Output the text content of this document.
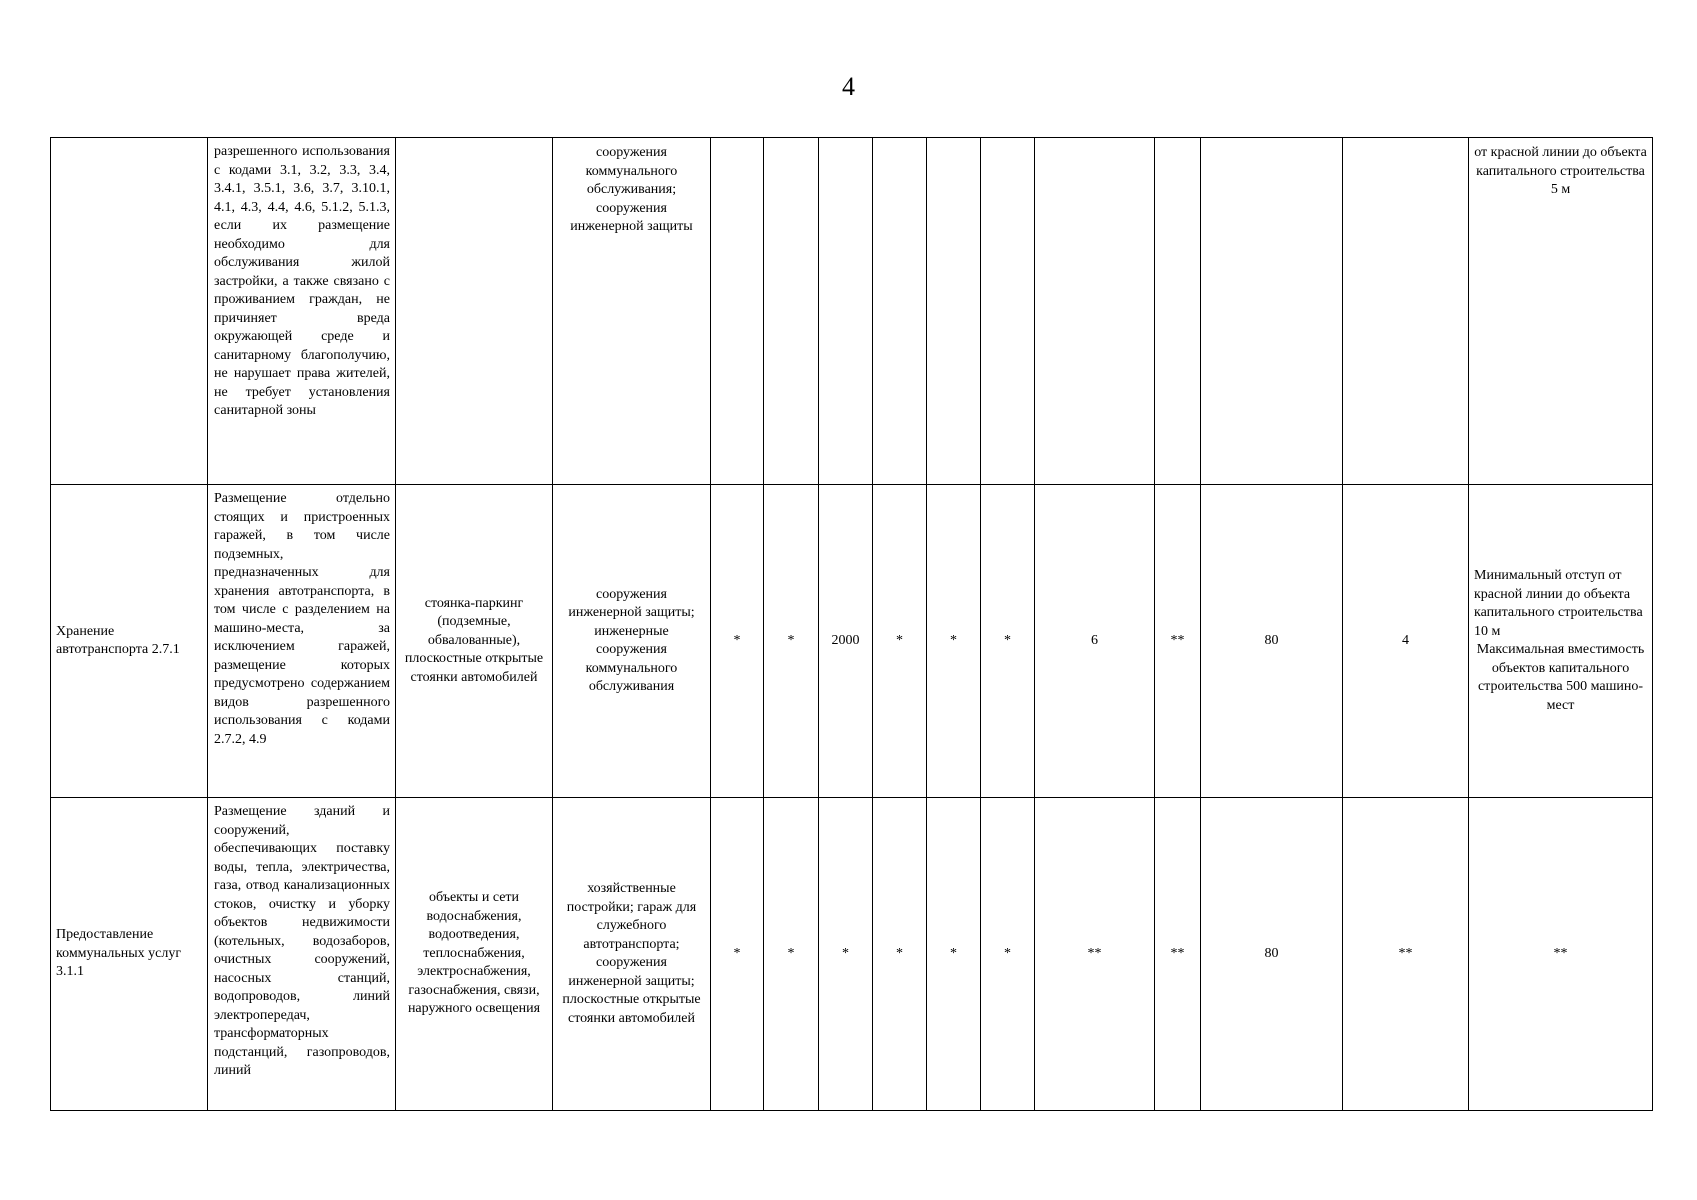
4
	разрешенного использования с кодами 3.1, 3.2, 3.3, 3.4, 3.4.1, 3.5.1, 3.6, 3.7, 3.10.1, 4.1, 4.3, 4.4, 4.6, 5.1.2, 5.1.3, если их размещение необходимо для обслуживания жилой застройки, а также связано с проживанием граждан, не причиняет вреда окружающей среде и санитарному благополучию, не нарушает права жителей, не требует установления санитарной зоны		сооружения коммунального обслуживания; сооружения инженерной защиты											от красной линии до объекта капитального строительства 5 м
Хранение автотранспорта 2.7.1	Размещение отдельно стоящих и пристроенных гаражей, в том числе подземных, предназначенных для хранения автотранспорта, в том числе с разделением на машино-места, за исключением гаражей, размещение которых предусмотрено содержанием видов разрешенного использования с кодами 2.7.2, 4.9	стоянка-паркинг (подземные, обвалованные), плоскостные открытые стоянки автомобилей	сооружения инженерной защиты; инженерные сооружения коммунального обслуживания	*	*	2000	*	*	*	6	**	80	4	Минимальный отступ от красной линии до объекта капитального строительства 10 м
Максимальная вместимость объектов капитального строительства 500 машино-мест

Предоставление коммунальных услуг 3.1.1	Размещение зданий и сооружений, обеспечивающих поставку воды, тепла, электричества, газа, отвод канализационных стоков, очистку и уборку объектов недвижимости (котельных, водозаборов, очистных сооружений, насосных станций, водопроводов, линий электропередач, трансформаторных подстанций, газопроводов, линий	объекты и сети водоснабжения, водоотведения, теплоснабжения, электроснабжения, газоснабжения, связи, наружного освещения	хозяйственные постройки; гараж для служебного автотранспорта; сооружения инженерной защиты; плоскостные открытые стоянки автомобилей	*	*	*	*	*	*	**	**	80	**	**
